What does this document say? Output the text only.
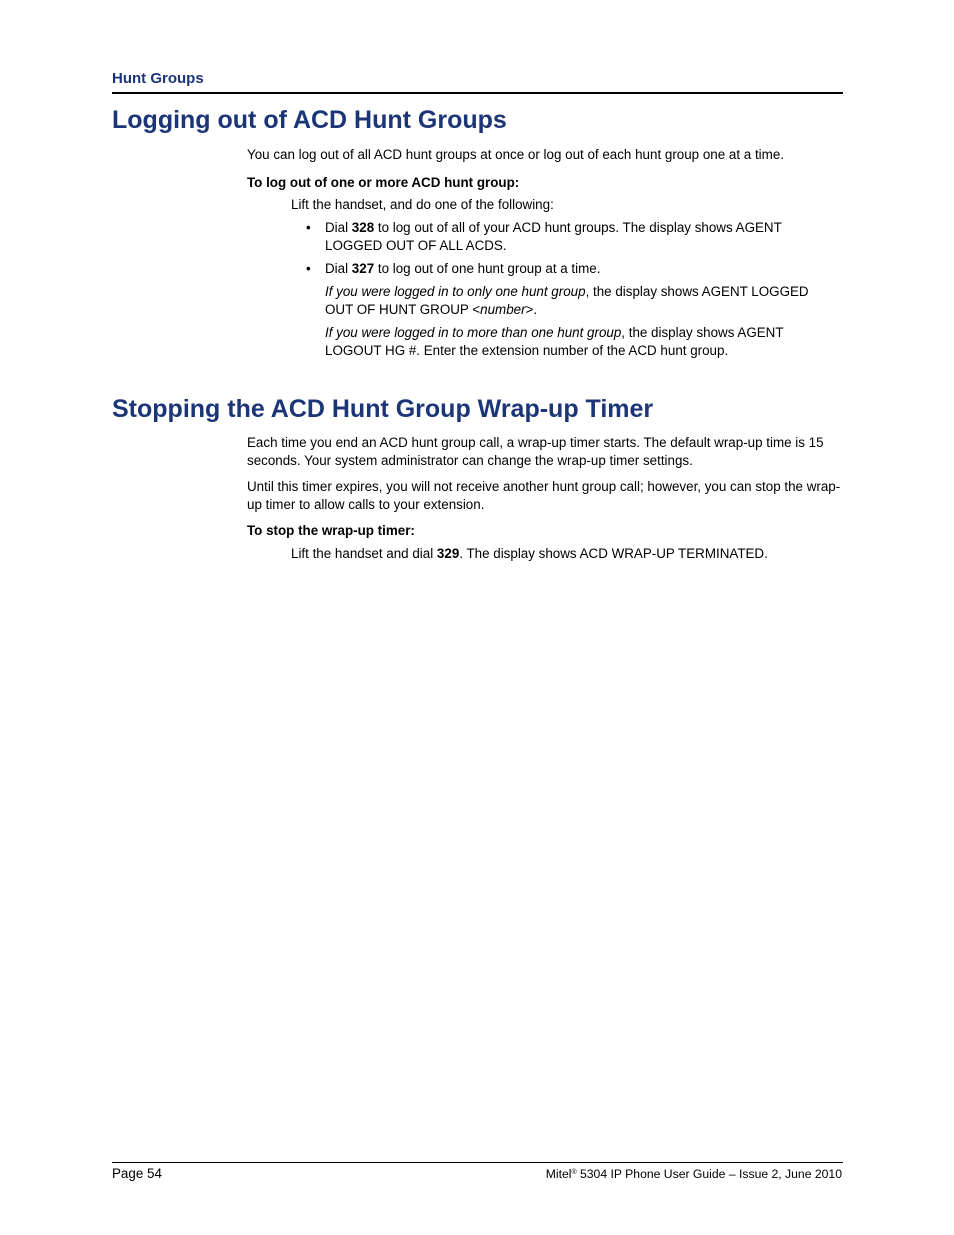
Hunt Groups
Logging out of ACD Hunt Groups

You can log out of all ACD hunt groups at once or log out of each hunt group one at a time.

To log out of one or more ACD hunt group:

Lift the handset, and do one of the following:

• Dial 328 to log out of all of your ACD hunt groups. The display shows AGENT LOGGED OUT OF ALL ACDS.

• Dial 327 to log out of one hunt group at a time.

If you were logged in to only one hunt group, the display shows AGENT LOGGED OUT OF HUNT GROUP <number>.

If you were logged in to more than one hunt group, the display shows AGENT LOGOUT HG #. Enter the extension number of the ACD hunt group.

Stopping the ACD Hunt Group Wrap-up Timer

Each time you end an ACD hunt group call, a wrap-up timer starts. The default wrap-up time is 15 seconds. Your system administrator can change the wrap-up timer settings.

Until this timer expires, you will not receive another hunt group call; however, you can stop the wrap-up timer to allow calls to your extension.

To stop the wrap-up timer:

Lift the handset and dial 329. The display shows ACD WRAP-UP TERMINATED.

Page 54	Mitel® 5304 IP Phone User Guide – Issue 2, June 2010
